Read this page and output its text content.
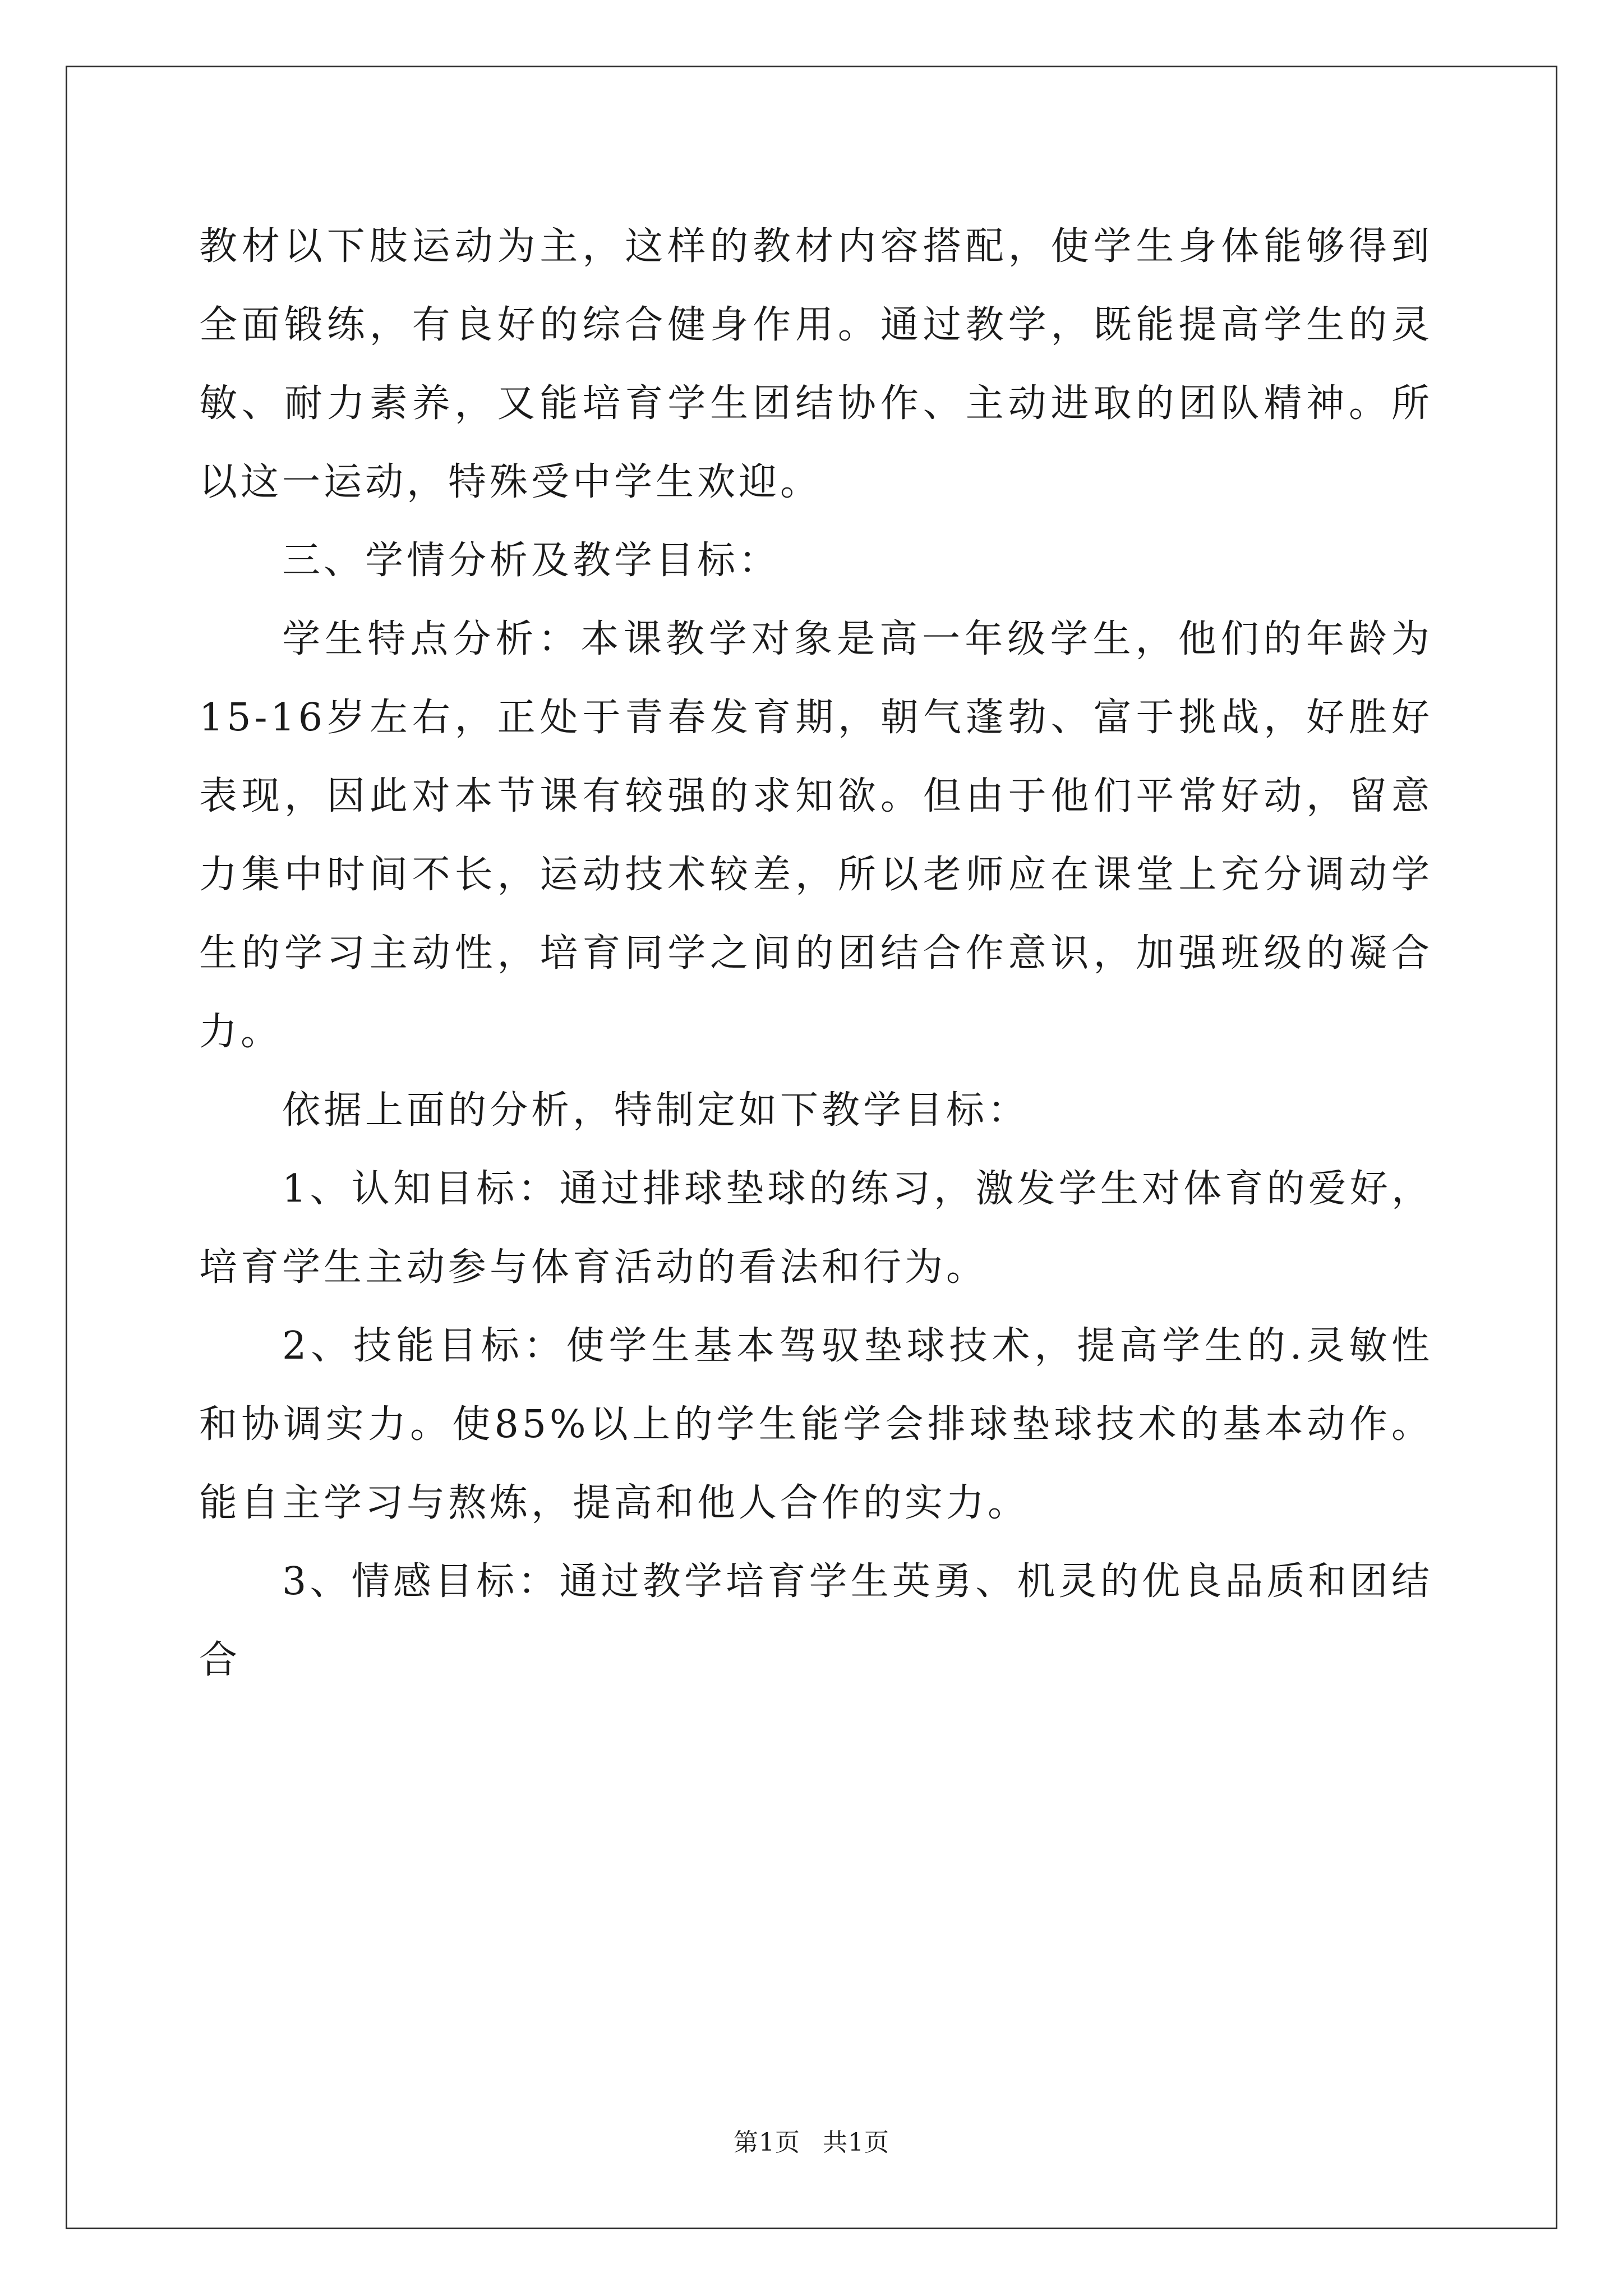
教材以下肢运动为主，这样的教材内容搭配，使学生身体能够得到全面锻练，有良好的综合健身作用。通过教学，既能提高学生的灵敏、耐力素养，又能培育学生团结协作、主动进取的团队精神。所以这一运动，特殊受中学生欢迎。

三、学情分析及教学目标：

学生特点分析：本课教学对象是高一年级学生，他们的年龄为15-16岁左右，正处于青春发育期，朝气蓬勃、富于挑战，好胜好表现，因此对本节课有较强的求知欲。但由于他们平常好动，留意力集中时间不长，运动技术较差，所以老师应在课堂上充分调动学生的学习主动性，培育同学之间的团结合作意识，加强班级的凝合力。

依据上面的分析，特制定如下教学目标：

1、认知目标：通过排球垫球的练习，激发学生对体育的爱好，培育学生主动参与体育活动的看法和行为。

2、技能目标：使学生基本驾驭垫球技术，提高学生的.灵敏性和协调实力。使85%以上的学生能学会排球垫球技术的基本动作。能自主学习与熬炼，提高和他人合作的实力。

3、情感目标：通过教学培育学生英勇、机灵的优良品质和团结合

第1页 共1页
